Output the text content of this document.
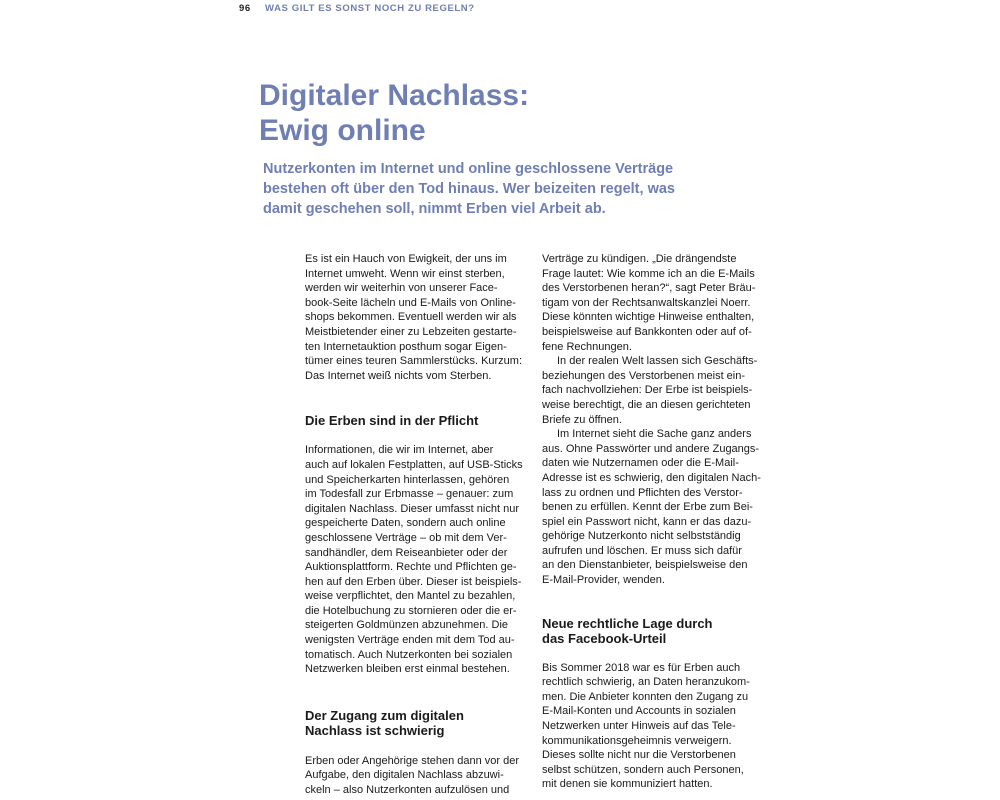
96 WAS GILT ES SONST NOCH ZU REGELN?
Digitaler Nachlass:
Ewig online

Nutzerkonten im Internet und online geschlossene Verträge
bestehen oft über den Tod hinaus. Wer beizeiten regelt, was
damit geschehen soll, nimmt Erben viel Arbeit ab.

Es ist ein Hauch von Ewigkeit, der uns im
Internet umweht. Wenn wir einst sterben,
werden wir weiterhin von unserer Face-
book-Seite lächeln und E-Mails von Online-
shops bekommen. Eventuell werden wir als
Meistbietender einer zu Lebzeiten gestarte-
ten Internetauktion posthum sogar Eigen-
tümer eines teuren Sammlerstücks. Kurzum:
Das Internet weiß nichts vom Sterben.

Die Erben sind in der Pflicht

Informationen, die wir im Internet, aber
auch auf lokalen Festplatten, auf USB-Sticks
und Speicherkarten hinterlassen, gehören
im Todesfall zur Erbmasse – genauer: zum
digitalen Nachlass. Dieser umfasst nicht nur
gespeicherte Daten, sondern auch online
geschlossene Verträge – ob mit dem Ver-
sandhändler, dem Reiseanbieter oder der
Auktionsplattform. Rechte und Pflichten ge-
hen auf den Erben über. Dieser ist beispiels-
weise verpflichtet, den Mantel zu bezahlen,
die Hotelbuchung zu stornieren oder die er-
steigerten Goldmünzen abzunehmen. Die
wenigsten Verträge enden mit dem Tod au-
tomatisch. Auch Nutzerkonten bei sozialen
Netzwerken bleiben erst einmal bestehen.

Der Zugang zum digitalen
Nachlass ist schwierig

Erben oder Angehörige stehen dann vor der
Aufgabe, den digitalen Nachlass abzuwi-
ckeln – also Nutzerkonten aufzulösen und

Verträge zu kündigen. „Die drängendste
Frage lautet: Wie komme ich an die E-Mails
des Verstorbenen heran?“, sagt Peter Bräu-
tigam von der Rechtsanwaltskanzlei Noerr.
Diese könnten wichtige Hinweise enthalten,
beispielsweise auf Bankkonten oder auf of-
fene Rechnungen.

In der realen Welt lassen sich Geschäfts-
beziehungen des Verstorbenen meist ein-
fach nachvollziehen: Der Erbe ist beispiels-
weise berechtigt, die an diesen gerichteten
Briefe zu öffnen.

Im Internet sieht die Sache ganz anders
aus. Ohne Passwörter und andere Zugangs-
daten wie Nutzernamen oder die E-Mail-
Adresse ist es schwierig, den digitalen Nach-
lass zu ordnen und Pflichten des Verstor-
benen zu erfüllen. Kennt der Erbe zum Bei-
spiel ein Passwort nicht, kann er das dazu-
gehörige Nutzerkonto nicht selbstständig
aufrufen und löschen. Er muss sich dafür
an den Dienstanbieter, beispielsweise den
E-Mail-Provider, wenden.

Neue rechtliche Lage durch
das Facebook-Urteil

Bis Sommer 2018 war es für Erben auch
rechtlich schwierig, an Daten heranzukom-
men. Die Anbieter konnten den Zugang zu
E-Mail-Konten und Accounts in sozialen
Netzwerken unter Hinweis auf das Tele-
kommunikationsgeheimnis verweigern.
Dieses sollte nicht nur die Verstorbenen
selbst schützen, sondern auch Personen,
mit denen sie kommuniziert hatten.
